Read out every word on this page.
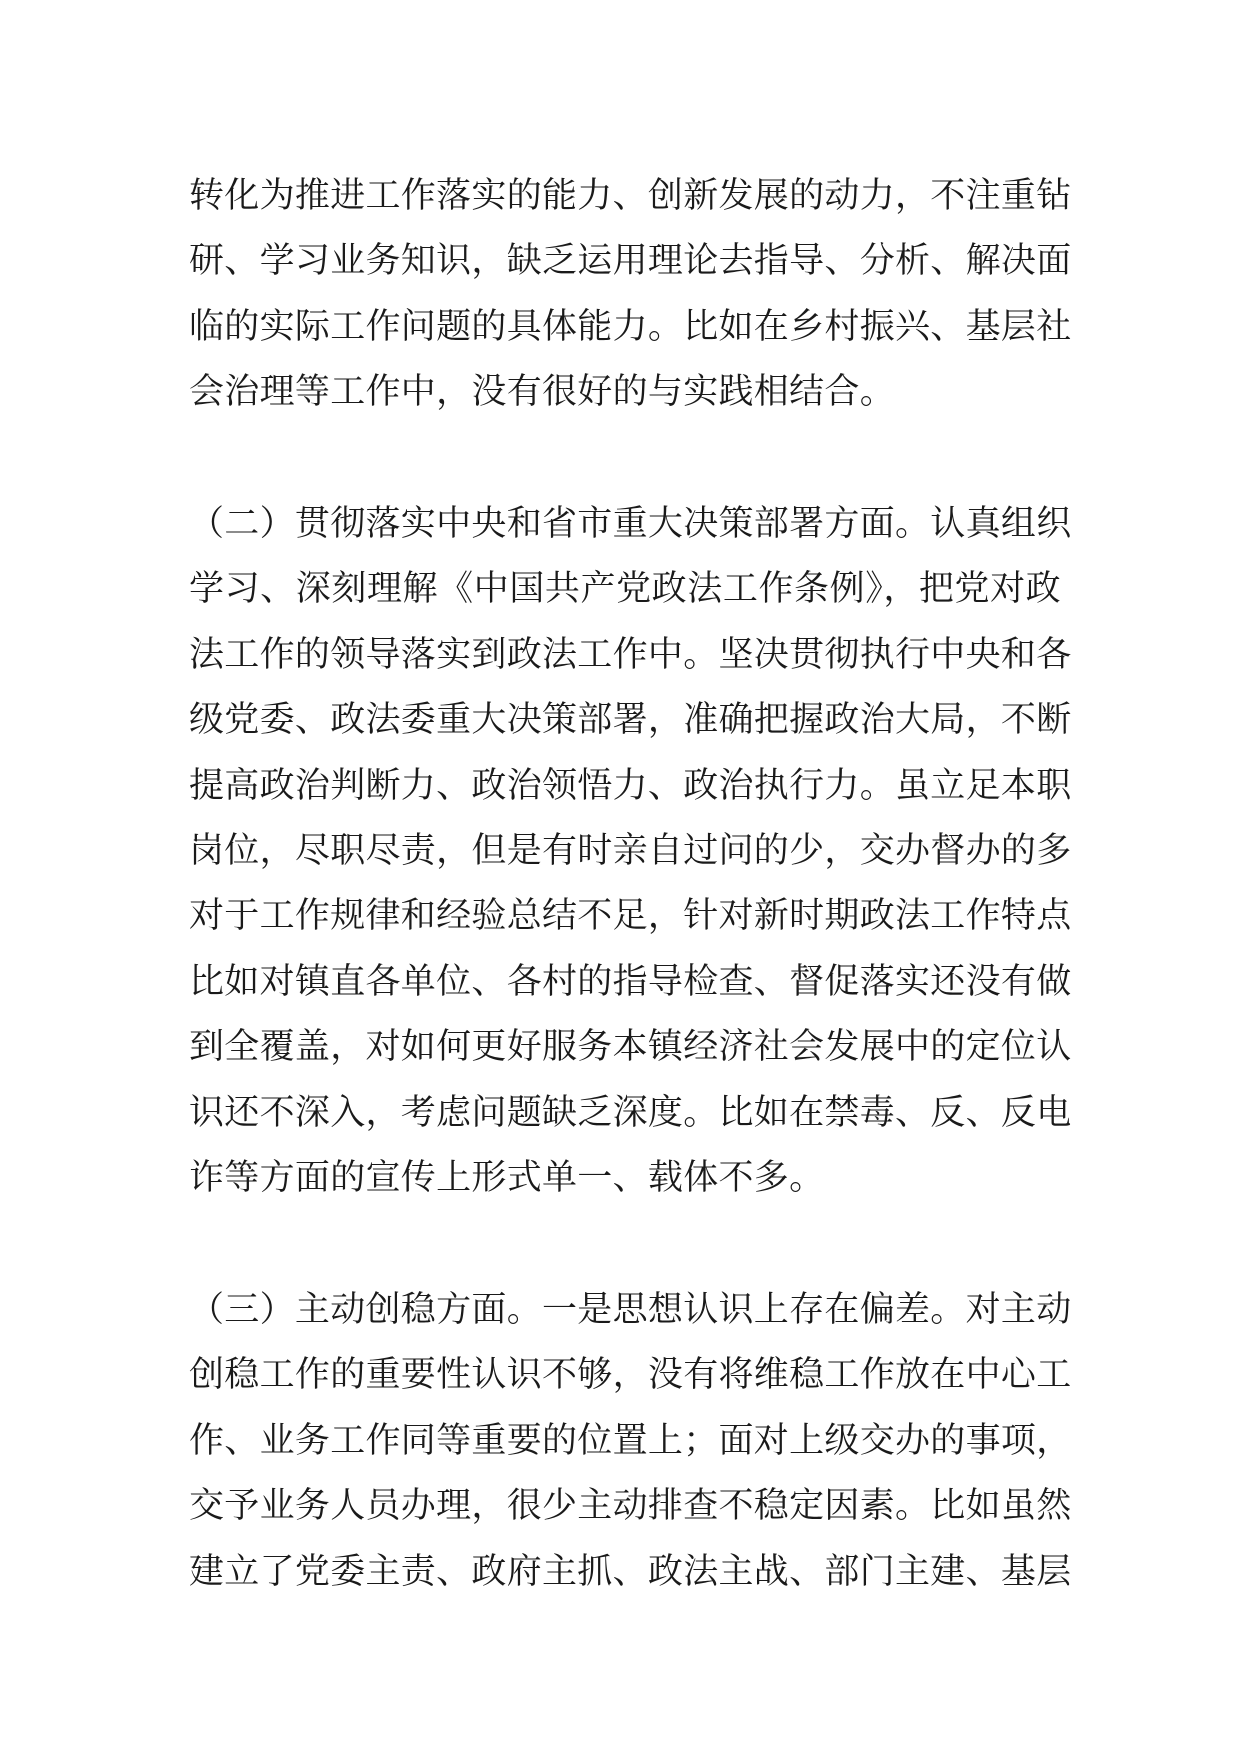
转化为推进工作落实的能力、创新发展的动力，不注重钻
研、学习业务知识，缺乏运用理论去指导、分析、解决面
临的实际工作问题的具体能力。比如在乡村振兴、基层社
会治理等工作中，没有很好的与实践相结合。
（二）贯彻落实中央和省市重大决策部署方面。认真组织
学习、深刻理解《中国共产党政法工作条例》，把党对政
法工作的领导落实到政法工作中。坚决贯彻执行中央和各
级党委、政法委重大决策部署，准确把握政治大局，不断
提高政治判断力、政治领悟力、政治执行力。虽立足本职
岗位，尽职尽责，但是有时亲自过问的少，交办督办的多
对于工作规律和经验总结不足，针对新时期政法工作特点
比如对镇直各单位、各村的指导检查、督促落实还没有做
到全覆盖，对如何更好服务本镇经济社会发展中的定位认
识还不深入，考虑问题缺乏深度。比如在禁毒、反、反电
诈等方面的宣传上形式单一、载体不多。
（三）主动创稳方面。一是思想认识上存在偏差。对主动
创稳工作的重要性认识不够，没有将维稳工作放在中心工
作、业务工作同等重要的位置上；面对上级交办的事项，
交予业务人员办理，很少主动排查不稳定因素。比如虽然
建立了党委主责、政府主抓、政法主战、部门主建、基层
